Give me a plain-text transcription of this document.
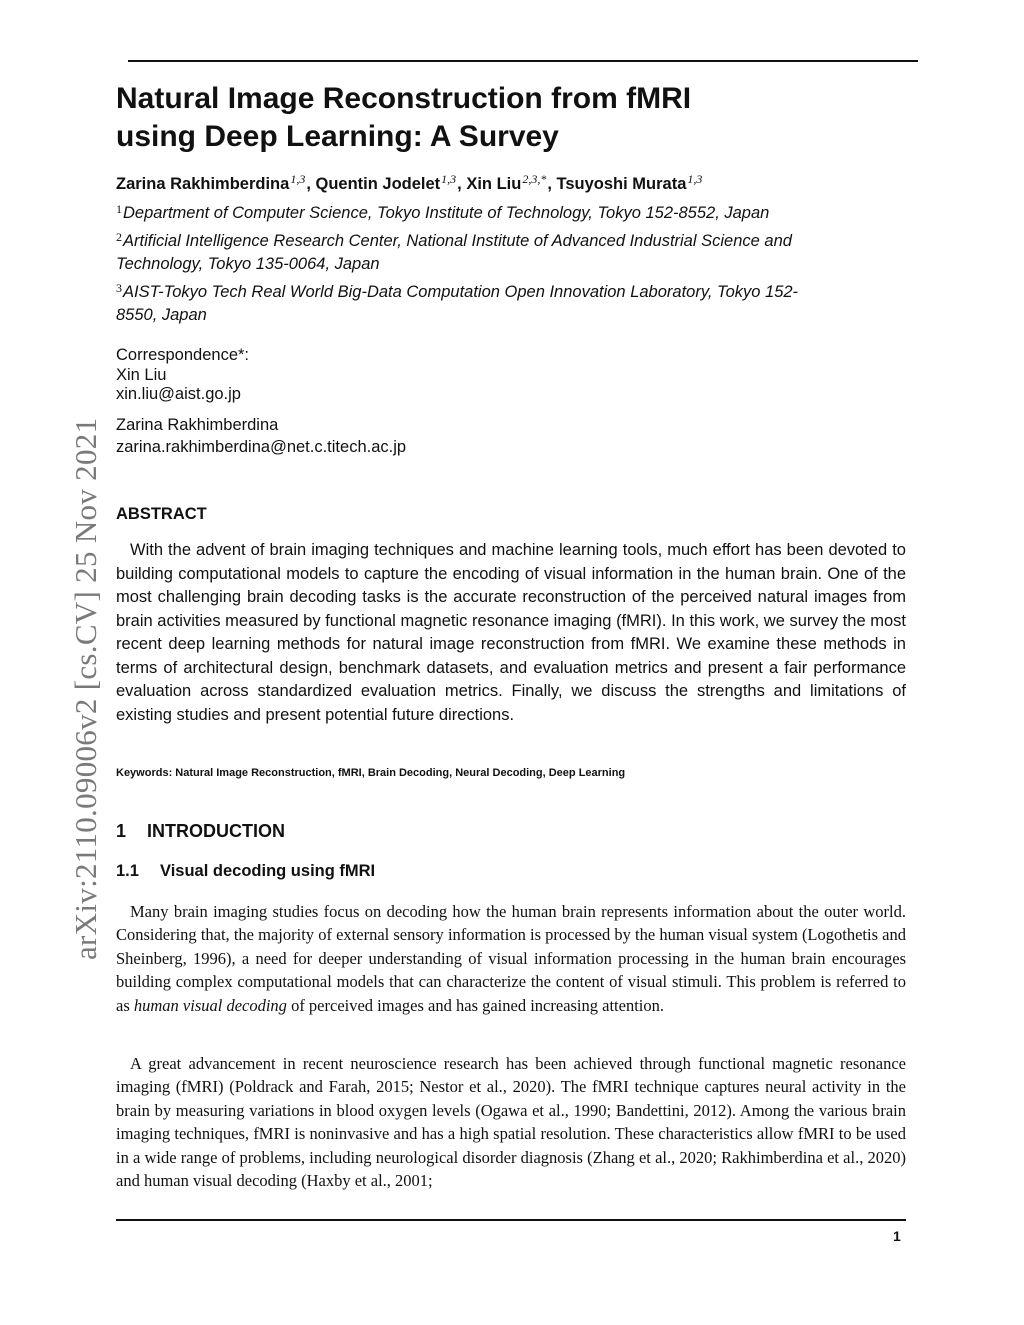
arXiv:2110.09006v2 [cs.CV] 25 Nov 2021
Natural Image Reconstruction from fMRI
using Deep Learning: A Survey
Zarina Rakhimberdina$^{1,3}$, Quentin Jodelet$^{1,3}$, Xin Liu$^{2,3,*}$, Tsuyoshi Murata$^{1,3}$
$^1$Department of Computer Science, Tokyo Institute of Technology, Tokyo 152-8552, Japan
$^2$Artificial Intelligence Research Center, National Institute of Advanced Industrial Science and Technology, Tokyo 135-0064, Japan
$^3$AIST-Tokyo Tech Real World Big-Data Computation Open Innovation Laboratory, Tokyo 152-8550, Japan
Correspondence*:
Xin Liu
xin.liu@aist.go.jp
Zarina Rakhimberdina
zarina.rakhimberdina@net.c.titech.ac.jp
ABSTRACT
With the advent of brain imaging techniques and machine learning tools, much effort has been devoted to building computational models to capture the encoding of visual information in the human brain. One of the most challenging brain decoding tasks is the accurate reconstruction of the perceived natural images from brain activities measured by functional magnetic resonance imaging (fMRI). In this work, we survey the most recent deep learning methods for natural image reconstruction from fMRI. We examine these methods in terms of architectural design, benchmark datasets, and evaluation metrics and present a fair performance evaluation across standardized evaluation metrics. Finally, we discuss the strengths and limitations of existing studies and present potential future directions.
Keywords: Natural Image Reconstruction, fMRI, Brain Decoding, Neural Decoding, Deep Learning
1 INTRODUCTION
1.1 Visual decoding using fMRI
Many brain imaging studies focus on decoding how the human brain represents information about the outer world. Considering that, the majority of external sensory information is processed by the human visual system (Logothetis and Sheinberg, 1996), a need for deeper understanding of visual information processing in the human brain encourages building complex computational models that can characterize the content of visual stimuli. This problem is referred to as human visual decoding of perceived images and has gained increasing attention.
A great advancement in recent neuroscience research has been achieved through functional magnetic resonance imaging (fMRI) (Poldrack and Farah, 2015; Nestor et al., 2020). The fMRI technique captures neural activity in the brain by measuring variations in blood oxygen levels (Ogawa et al., 1990; Bandettini, 2012). Among the various brain imaging techniques, fMRI is noninvasive and has a high spatial resolution. These characteristics allow fMRI to be used in a wide range of problems, including neurological disorder diagnosis (Zhang et al., 2020; Rakhimberdina et al., 2020) and human visual decoding (Haxby et al., 2001;
1
